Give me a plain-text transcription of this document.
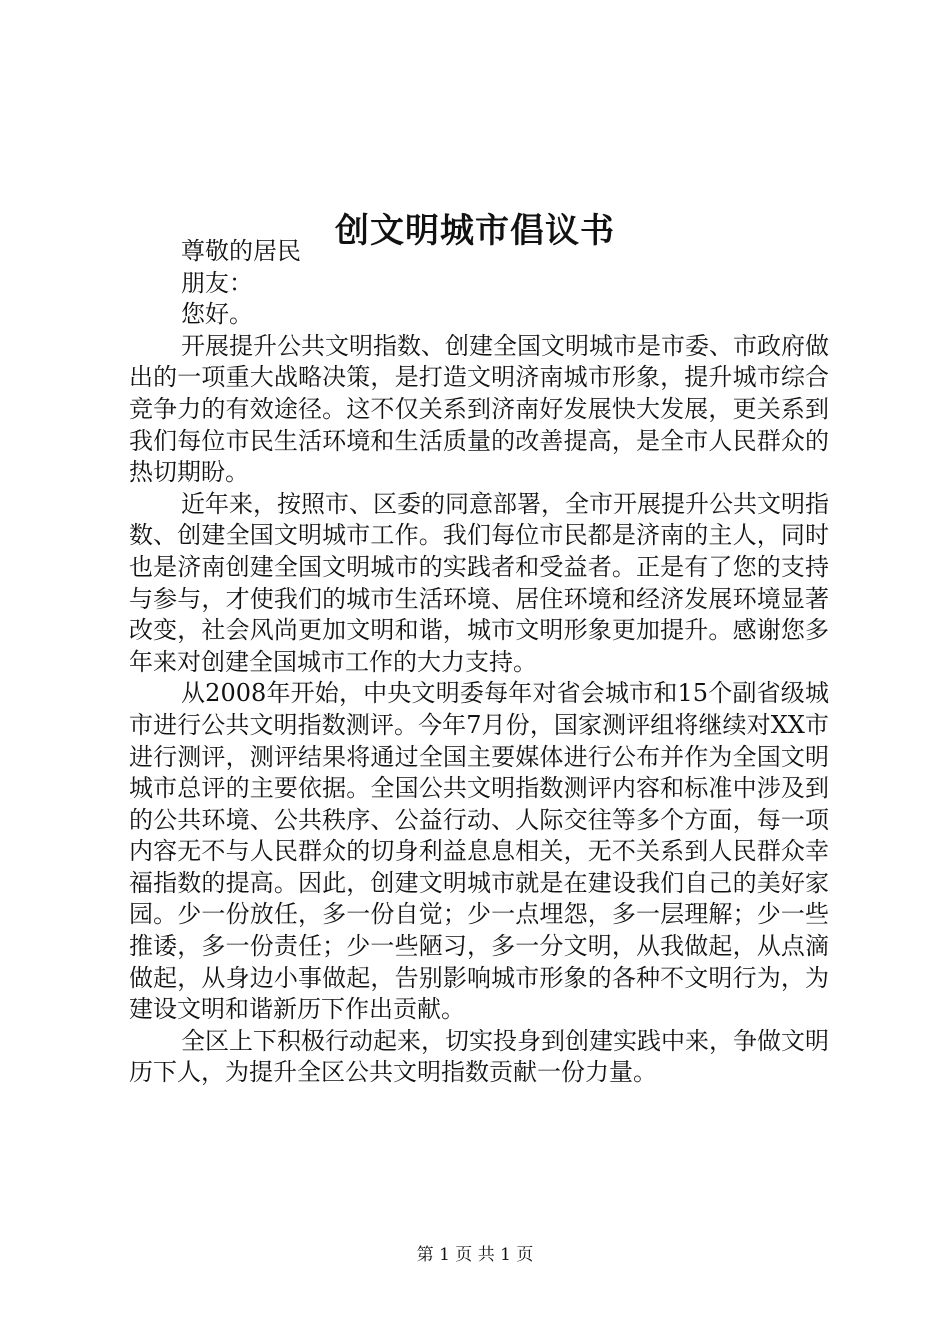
创文明城市倡议书

尊敬的居民

朋友：

您好。

开展提升公共文明指数、创建全国文明城市是市委、市政府做出的一项重大战略决策，是打造文明济南城市形象，提升城市综合竞争力的有效途径。这不仅关系到济南好发展快大发展，更关系到我们每位市民生活环境和生活质量的改善提高，是全市人民群众的热切期盼。

近年来，按照市、区委的同意部署，全市开展提升公共文明指数、创建全国文明城市工作。我们每位市民都是济南的主人，同时也是济南创建全国文明城市的实践者和受益者。正是有了您的支持与参与，才使我们的城市生活环境、居住环境和经济发展环境显著改变，社会风尚更加文明和谐，城市文明形象更加提升。感谢您多年来对创建全国城市工作的大力支持。

从2008年开始，中央文明委每年对省会城市和15个副省级城市进行公共文明指数测评。今年7月份，国家测评组将继续对XX市进行测评，测评结果将通过全国主要媒体进行公布并作为全国文明城市总评的主要依据。全国公共文明指数测评内容和标准中涉及到的公共环境、公共秩序、公益行动、人际交往等多个方面，每一项内容无不与人民群众的切身利益息息相关，无不关系到人民群众幸福指数的提高。因此，创建文明城市就是在建设我们自己的美好家园。少一份放任，多一份自觉；少一点埋怨，多一层理解；少一些推诿，多一份责任；少一些陋习，多一分文明，从我做起，从点滴做起，从身边小事做起，告别影响城市形象的各种不文明行为，为建设文明和谐新历下作出贡献。

全区上下积极行动起来，切实投身到创建实践中来，争做文明历下人，为提升全区公共文明指数贡献一份力量。

第 1 页 共 1 页
